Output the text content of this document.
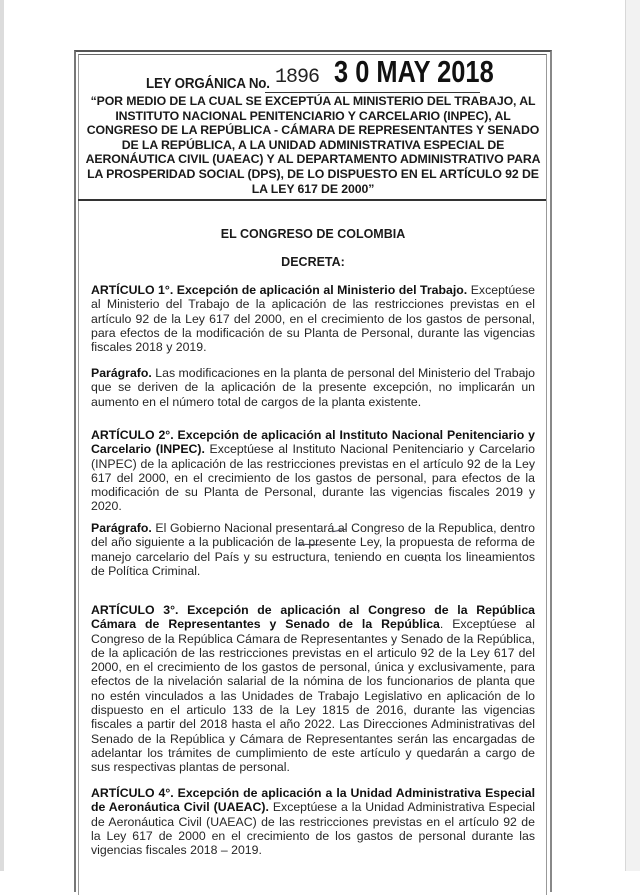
LEY ORGÁNICA No. 1896 3 0 MAY 2018
“POR MEDIO DE LA CUAL SE EXCEPTÚA AL MINISTERIO DEL TRABAJO, AL INSTITUTO NACIONAL PENITENCIARIO Y CARCELARIO (INPEC), AL CONGRESO DE LA REPÚBLICA - CÁMARA DE REPRESENTANTES Y SENADO DE LA REPÚBLICA, A LA UNIDAD ADMINISTRATIVA ESPECIAL DE AERONÁUTICA CIVIL (UAEAC) Y AL DEPARTAMENTO ADMINISTRATIVO PARA LA PROSPERIDAD SOCIAL (DPS), DE LO DISPUESTO EN EL ARTÍCULO 92 DE LA LEY 617 DE 2000”
EL CONGRESO DE COLOMBIA
DECRETA:
ARTÍCULO 1°. Excepción de aplicación al Ministerio del Trabajo. Exceptúese al Ministerio del Trabajo de la aplicación de las restricciones previstas en el artículo 92 de la Ley 617 del 2000, en el crecimiento de los gastos de personal, para efectos de la modificación de su Planta de Personal, durante las vigencias fiscales 2018 y 2019.
Parágrafo. Las modificaciones en la planta de personal del Ministerio del Trabajo que se deriven de la aplicación de la presente excepción, no implicarán un aumento en el número total de cargos de la planta existente.
ARTÍCULO 2°. Excepción de aplicación al Instituto Nacional Penitenciario y Carcelario (INPEC). Exceptúese al Instituto Nacional Penitenciario y Carcelario (INPEC) de la aplicación de las restricciones previstas en el artículo 92 de la Ley 617 del 2000, en el crecimiento de los gastos de personal, para efectos de la modificación de su Planta de Personal, durante las vigencias fiscales 2019 y 2020.
Parágrafo. El Gobierno Nacional presentará al Congreso de la Republica, dentro del año siguiente a la publicación de la presente Ley, la propuesta de reforma de manejo carcelario del País y su estructura, teniendo en cuenta los lineamientos de Política Criminal.
ARTÍCULO 3°. Excepción de aplicación al Congreso de la República Cámara de Representantes y Senado de la República. Exceptúese al Congreso de la República Cámara de Representantes y Senado de la República, de la aplicación de las restricciones previstas en el articulo 92 de la Ley 617 del 2000, en el crecimiento de los gastos de personal, única y exclusivamente, para efectos de la nivelación salarial de la nómina de los funcionarios de planta que no estén vinculados a las Unidades de Trabajo Legislativo en aplicación de lo dispuesto en el articulo 133 de la Ley 1815 de 2016, durante las vigencias fiscales a partir del 2018 hasta el año 2022. Las Direcciones Administrativas del Senado de la República y Cámara de Representantes serán las encargadas de adelantar los trámites de cumplimiento de este artículo y quedarán a cargo de sus respectivas plantas de personal.
ARTÍCULO 4°. Excepción de aplicación a la Unidad Administrativa Especial de Aeronáutica Civil (UAEAC). Exceptúese a la Unidad Administrativa Especial de Aeronáutica Civil (UAEAC) de las restricciones previstas en el artículo 92 de la Ley 617 de 2000 en el crecimiento de los gastos de personal durante las vigencias fiscales 2018 – 2019.
